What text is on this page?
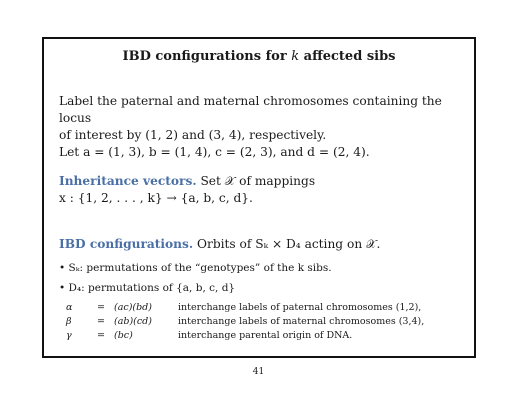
IBD configurations for k affected sibs
Label the paternal and maternal chromosomes containing the locus
of interest by (1, 2) and (3, 4), respectively.
Let a = (1, 3), b = (1, 4), c = (2, 3), and d = (2, 4).
Inheritance vectors. Set 𝒳 of mappings
x : {1, 2, . . . , k} → {a, b, c, d}.
IBD configurations. Orbits of Sₖ × D₄ acting on 𝒳.
• Sₖ: permutations of the “genotypes” of the k sibs.
• D₄: permutations of {a, b, c, d}
α	=	(ac)(bd)	interchange labels of paternal chromosomes (1,2),
β	=	(ab)(cd)	interchange labels of maternal chromosomes (3,4),
γ	=	(bc)	interchange parental origin of DNA.
41
